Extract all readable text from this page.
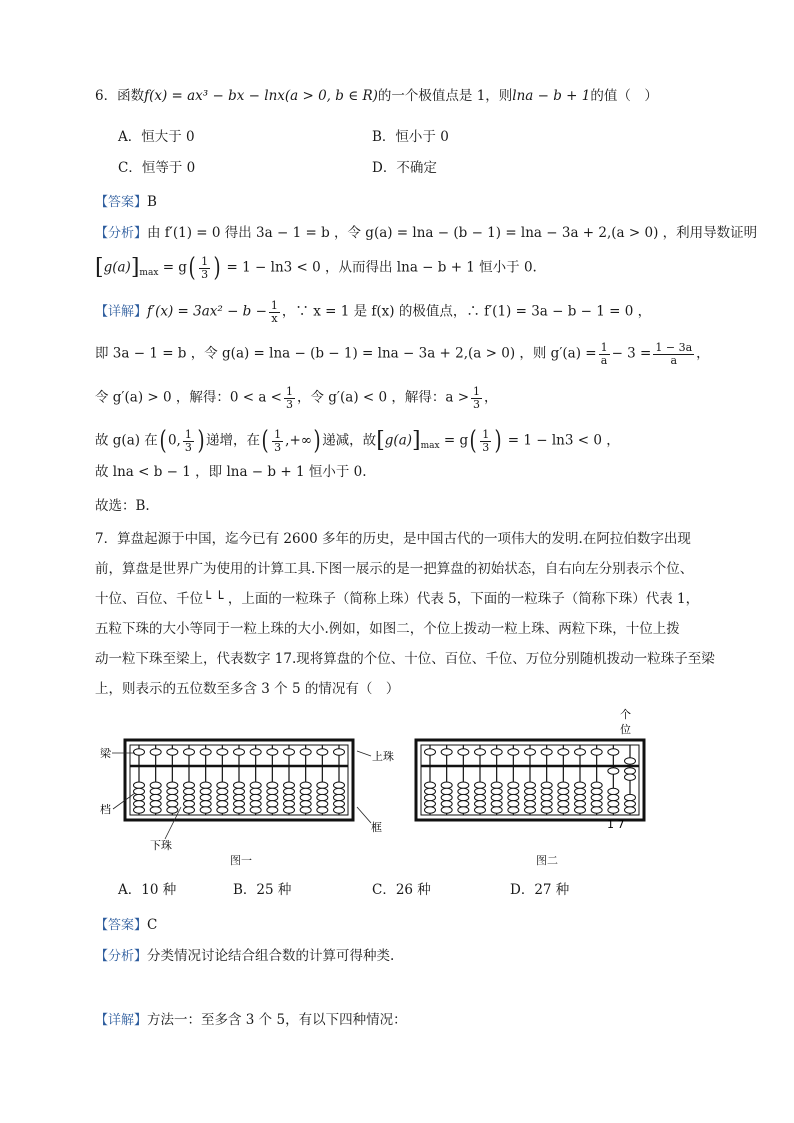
6．函数f(x) = ax³ − bx − lnx(a > 0, b ∈ R)的一个极值点是 1，则lna − b + 1的值（　）
A．恒大于 0	B．恒小于 0
C．恒等于 0	D．不确定
【答案】B
【分析】由 f′(1) = 0 得出 3a − 1 = b ，令 g(a) = lna − (b − 1) = lna − 3a + 2,(a > 0) ，利用导数证明
$[g(a)]_{max} = g( \frac{1}{3}$ ) = 1 − ln3 < 0 ，从而得出 lna − b + 1 恒小于 0.
【详解】$f'(x) = 3ax^2 - b - \frac{1}{x}$ ，∵ x = 1 是 f(x) 的极值点，∴ f′(1) = 3a − b − 1 = 0 ，
即 3a − 1 = b ，令 g(a) = lna − (b − 1) = lna − 3a + 2,(a > 0) ，则 $g'(a) = \frac{1}{a} - 3 = \frac{1 - 3a}{a}$ ，
令 g′(a) > 0 ，解得：$0 < a < \frac{1}{3}$ ，令 g′(a) < 0 ，解得：$a > \frac{1}{3}$ ，
故 g(a) 在( 0, $\frac{1}{3}$ ) 递增，在( $\frac{1}{3}$ ,+∞) 递减，故$[g(a)]_{max} = g( \frac{1}{3}$ ) = 1 − ln3 < 0 ，
故 lna < b − 1 ，即 lna − b + 1 恒小于 0.
故选：B.
7．算盘起源于中国，迄今已有 2600 多年的历史，是中国古代的一项伟大的发明.在阿拉伯数字出现
前，算盘是世界广为使用的计算工具.下图一展示的是一把算盘的初始状态，自右向左分别表示个位、
十位、百位、千位└ └ ，上面的一粒珠子（简称上珠）代表 5，下面的一粒珠子（简称下珠）代表 1，
五粒下珠的大小等同于一粒上珠的大小.例如，如图二，个位上拨动一粒上珠、两粒下珠，十位上拨
动一粒下珠至梁上，代表数字 17.现将算盘的个位、十位、百位、千位、万位分别随机拨动一粒珠子至梁
上，则表示的五位数至多含 3 个 5 的情况有（　）
梁
档
上珠
下珠
框
图一
个
位
1 7
图二
A．10 种	B．25 种	C．26 种	D．27 种
【答案】C
【分析】分类情况讨论结合组合数的计算可得种类.
【详解】方法一：至多含 3 个 5，有以下四种情况：
